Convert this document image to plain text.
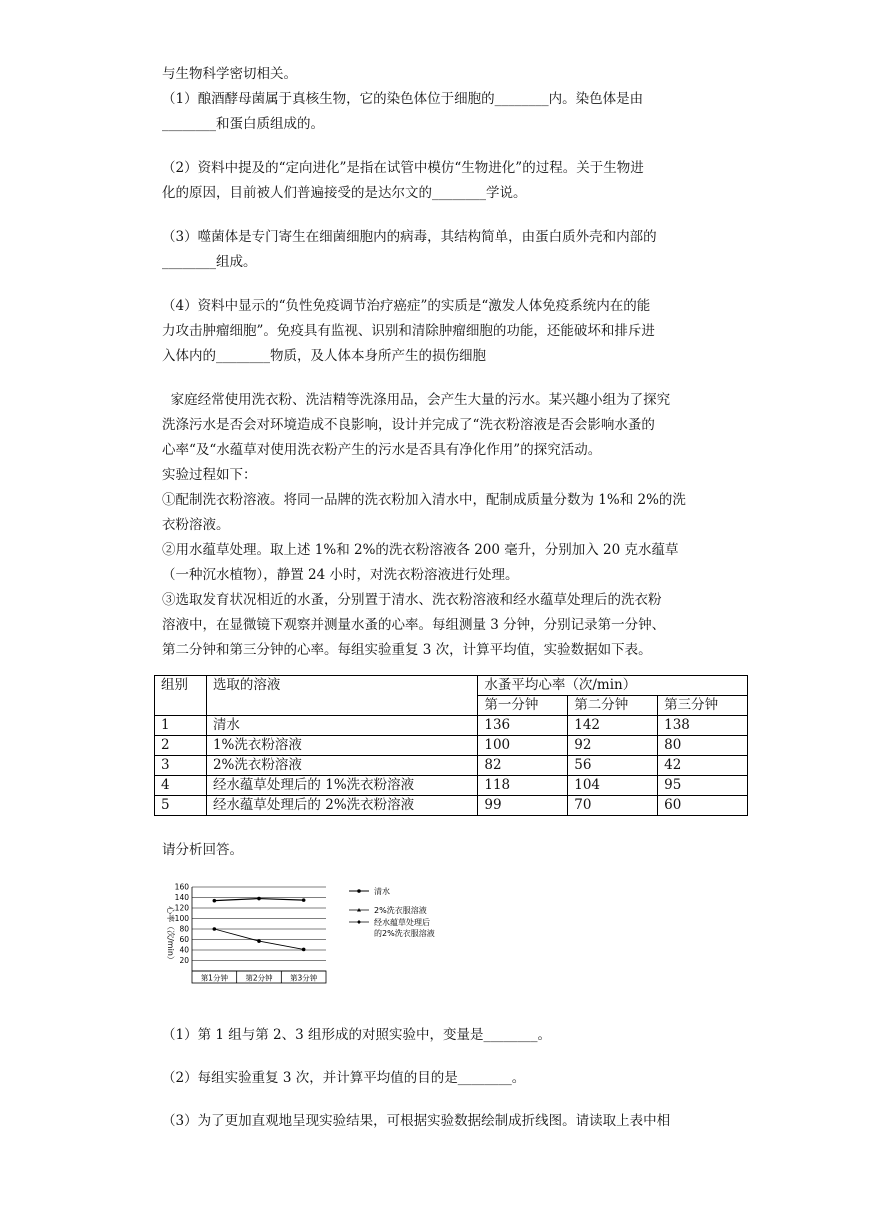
与生物科学密切相关。

（1）酿酒酵母菌属于真核生物，它的染色体位于细胞的________内。染色体是由

________和蛋白质组成的。

（2）资料中提及的“定向进化”是指在试管中模仿“生物进化”的过程。关于生物进

化的原因，目前被人们普遍接受的是达尔文的________学说。

（3）噬菌体是专门寄生在细菌细胞内的病毒，其结构简单，由蛋白质外壳和内部的

________组成。

（4）资料中显示的“负性免疫调节治疗癌症”的实质是“激发人体免疫系统内在的能

力攻击肿瘤细胞”。免疫具有监视、识别和清除肿瘤细胞的功能，还能破坏和排斥进

入体内的________物质，及人体本身所产生的损伤细胞

家庭经常使用洗衣粉、洗洁精等洗涤用品，会产生大量的污水。某兴趣小组为了探究

洗涤污水是否会对环境造成不良影响，设计并完成了“洗衣粉溶液是否会影响水蚤的

心率“及“水蕴草对使用洗衣粉产生的污水是否具有净化作用”的探究活动。

实验过程如下：

①配制洗衣粉溶液。将同一品牌的洗衣粉加入清水中，配制成质量分数为 1%和 2%的洗

衣粉溶液。

②用水蕴草处理。取上述 1%和 2%的洗衣粉溶液各 200 毫升，分别加入 20 克水蕴草

（一种沉水植物），静置 24 小时，对洗衣粉溶液进行处理。

③选取发育状况相近的水蚤，分别置于清水、洗衣粉溶液和经水蕴草处理后的洗衣粉

溶液中，在显微镜下观察并测量水蚤的心率。每组测量 3 分钟，分别记录第一分钟、

第二分钟和第三分钟的心率。每组实验重复 3 次，计算平均值，实验数据如下表。

组别	选取的溶液	水蚤平均心率（次/min）		
		第一分钟	第二分钟	第三分钟
1	清水	136	142	138
2	1%洗衣粉溶液	100	92	80
3	2%洗衣粉溶液	82	56	42
4	经水蕴草处理后的 1%洗衣粉溶液	118	104	95
5	经水蕴草处理后的 2%洗衣粉溶液	99	70	60

请分析回答。

20
40
60
80
100
120
140
160
第1分钟 第2分钟 第3分钟
心率（次/min）
清水
2%洗衣服溶液
经水蕴草处理后
的2%洗衣服溶液

（1）第 1 组与第 2、3 组形成的对照实验中，变量是________。

（2）每组实验重复 3 次，并计算平均值的目的是________。

（3）为了更加直观地呈现实验结果，可根据实验数据绘制成折线图。请读取上表中相
